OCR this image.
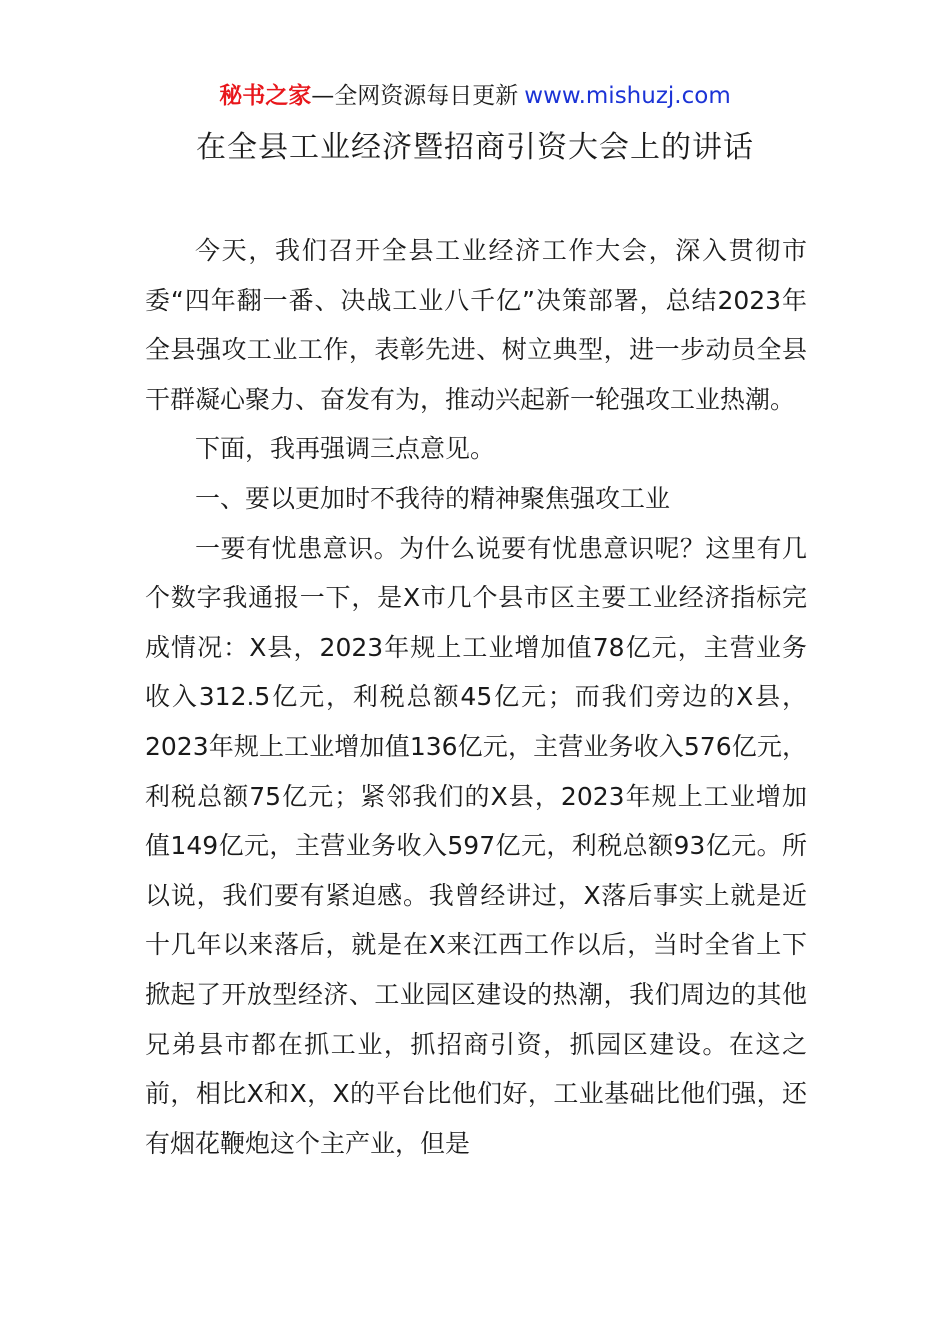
秘书之家—全网资源每日更新 www.mishuzj.com
在全县工业经济暨招商引资大会上的讲话

今天，我们召开全县工业经济工作大会，深入贯彻市委“四年翻一番、决战工业八千亿”决策部署，总结2023年全县强攻工业工作，表彰先进、树立典型，进一步动员全县干群凝心聚力、奋发有为，推动兴起新一轮强攻工业热潮。

下面，我再强调三点意见。

一、要以更加时不我待的精神聚焦强攻工业

一要有忧患意识。为什么说要有忧患意识呢？这里有几个数字我通报一下，是X市几个县市区主要工业经济指标完成情况：X县，2023年规上工业增加值78亿元，主营业务收入312.5亿元，利税总额45亿元；而我们旁边的X县，2023年规上工业增加值136亿元，主营业务收入576亿元，利税总额75亿元；紧邻我们的X县，2023年规上工业增加值149亿元，主营业务收入597亿元，利税总额93亿元。所以说，我们要有紧迫感。我曾经讲过，X落后事实上就是近十几年以来落后，就是在X来江西工作以后，当时全省上下掀起了开放型经济、工业园区建设的热潮，我们周边的其他兄弟县市都在抓工业，抓招商引资，抓园区建设。在这之前，相比X和X，X的平台比他们好，工业基础比他们强，还有烟花鞭炮这个主产业，但是
